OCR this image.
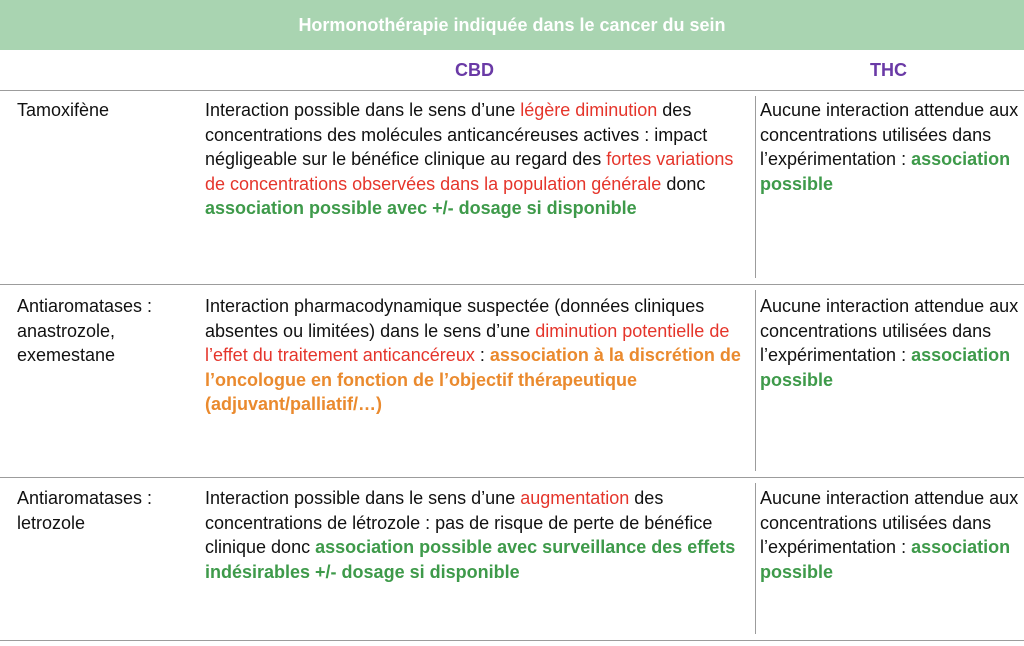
Hormonothérapie indiquée dans le cancer du sein
CBD	THC
Tamoxifène	Interaction possible dans le sens d’une légère diminution des concentrations des molécules anticancéreuses actives : impact négligeable sur le bénéfice clinique au regard des fortes variations de concentrations observées dans la population générale donc association possible avec +/- dosage si disponible
Aucune interaction attendue aux concentrations utilisées dans l’expérimentation : association possible
Antiaromatases :
anastrozole,
exemestane
Interaction pharmacodynamique suspectée (données cliniques absentes ou limitées) dans le sens d’une diminution potentielle de l’effet du traitement anticancéreux : association à la discrétion de l’oncologue en fonction de l’objectif thérapeutique (adjuvant/palliatif/…)
Aucune interaction attendue aux concentrations utilisées dans l’expérimentation : association possible
Antiaromatases :
letrozole
Interaction possible dans le sens d’une augmentation des concentrations de létrozole : pas de risque de perte de bénéfice clinique donc association possible avec surveillance des effets indésirables +/- dosage si disponible
Aucune interaction attendue aux concentrations utilisées dans l’expérimentation : association possible
